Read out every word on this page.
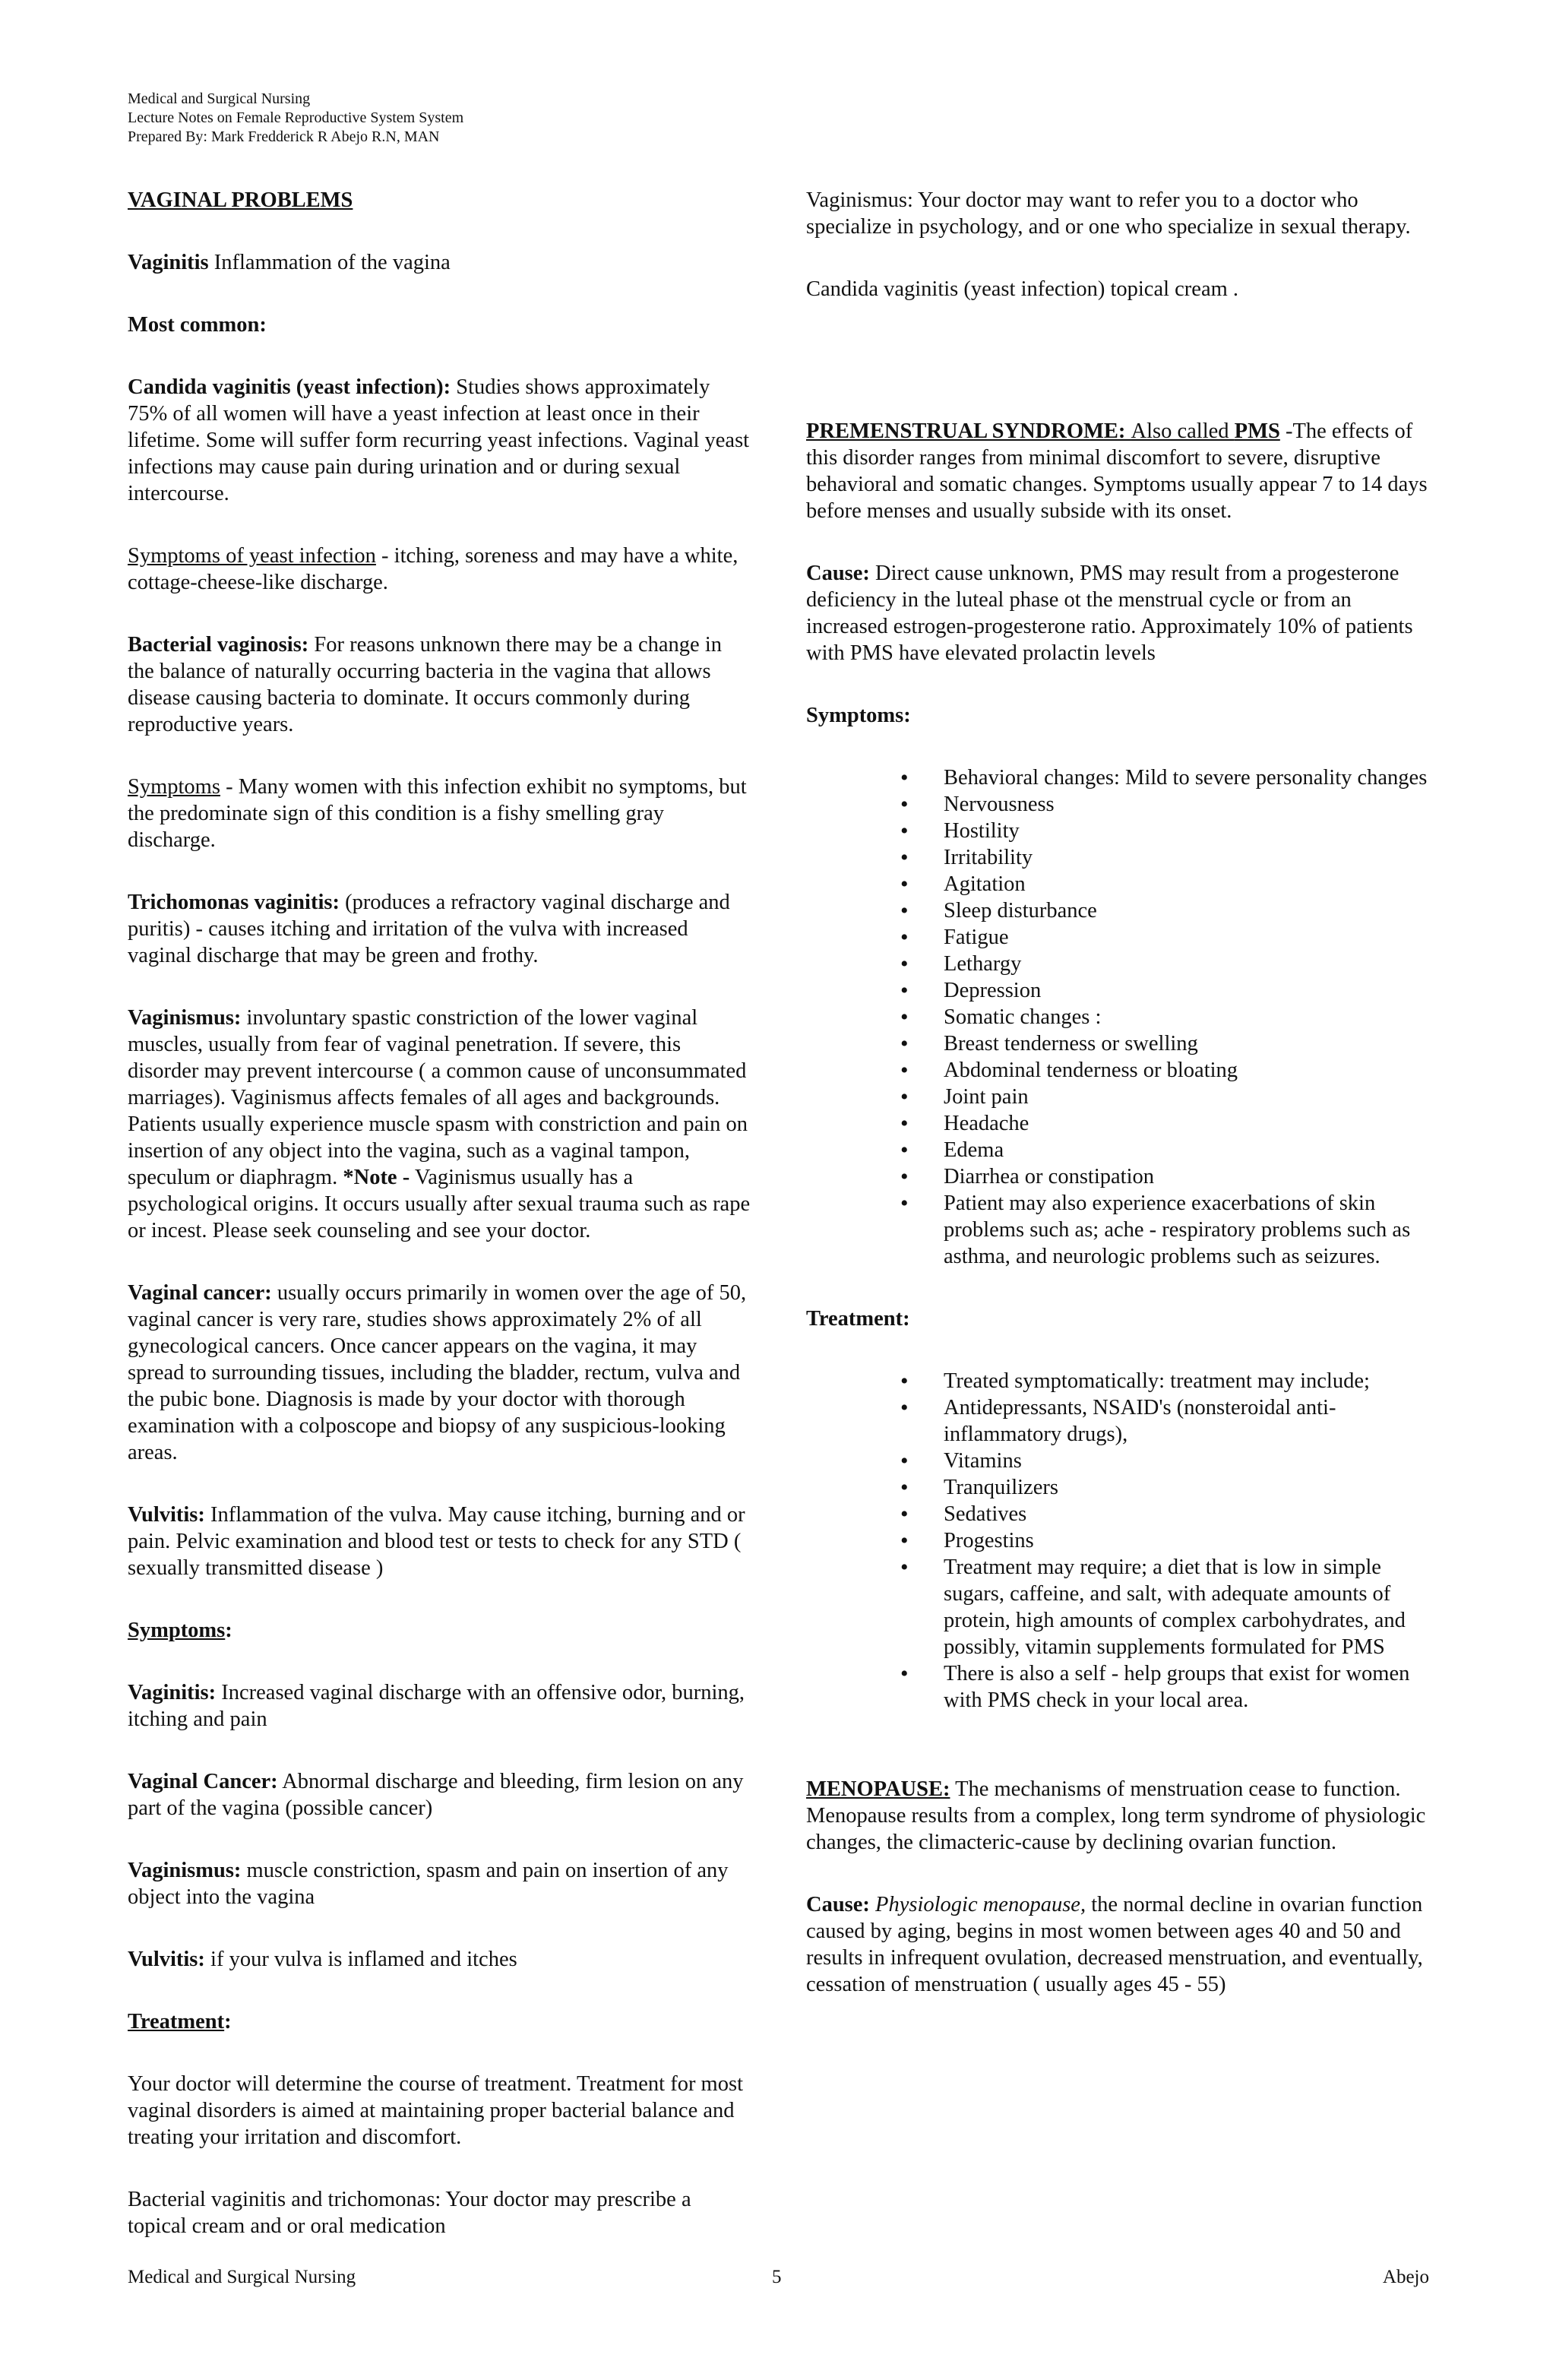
Medical and Surgical Nursing
Lecture Notes on Female Reproductive System System
Prepared By: Mark Fredderick R Abejo R.N, MAN

VAGINAL PROBLEMS

Vaginitis Inflammation of the vagina

Most common:

Candida vaginitis (yeast infection): Studies shows approximately 75% of all women will have a yeast infection at least once in their lifetime. Some will suffer form recurring yeast infections. Vaginal yeast infections may cause pain during urination and or during sexual intercourse.

Symptoms of yeast infection - itching, soreness and may have a white, cottage-cheese-like discharge.

Bacterial vaginosis: For reasons unknown there may be a change in the balance of naturally occurring bacteria in the vagina that allows disease causing bacteria to dominate. It occurs commonly during reproductive years.

Symptoms - Many women with this infection exhibit no symptoms, but the predominate sign of this condition is a fishy smelling gray discharge.

Trichomonas vaginitis: (produces a refractory vaginal discharge and puritis) - causes itching and irritation of the vulva with increased vaginal discharge that may be green and frothy.

Vaginismus: involuntary spastic constriction of the lower vaginal muscles, usually from fear of vaginal penetration. If severe, this disorder may prevent intercourse ( a common cause of unconsummated marriages). Vaginismus affects females of all ages and backgrounds. Patients usually experience muscle spasm with constriction and pain on insertion of any object into the vagina, such as a vaginal tampon, speculum or diaphragm. *Note - Vaginismus usually has a psychological origins. It occurs usually after sexual trauma such as rape or incest. Please seek counseling and see your doctor.

Vaginal cancer: usually occurs primarily in women over the age of 50, vaginal cancer is very rare, studies shows approximately 2% of all gynecological cancers. Once cancer appears on the vagina, it may spread to surrounding tissues, including the bladder, rectum, vulva and the pubic bone. Diagnosis is made by your doctor with thorough examination with a colposcope and biopsy of any suspicious-looking areas.

Vulvitis: Inflammation of the vulva. May cause itching, burning and or pain. Pelvic examination and blood test or tests to check for any STD ( sexually transmitted disease )

Symptoms:

Vaginitis: Increased vaginal discharge with an offensive odor, burning, itching and pain

Vaginal Cancer: Abnormal discharge and bleeding, firm lesion on any part of the vagina (possible cancer)

Vaginismus: muscle constriction, spasm and pain on insertion of any object into the vagina

Vulvitis: if your vulva is inflamed and itches

Treatment:

Your doctor will determine the course of treatment. Treatment for most vaginal disorders is aimed at maintaining proper bacterial balance and treating your irritation and discomfort.

Bacterial vaginitis and trichomonas: Your doctor may prescribe a topical cream and or oral medication

Vaginismus: Your doctor may want to refer you to a doctor who specialize in psychology, and or one who specialize in sexual therapy.

Candida vaginitis (yeast infection) topical cream .

PREMENSTRUAL SYNDROME: Also called PMS -The effects of this disorder ranges from minimal discomfort to severe, disruptive behavioral and somatic changes. Symptoms usually appear 7 to 14 days before menses and usually subside with its onset.

Cause: Direct cause unknown, PMS may result from a progesterone deficiency in the luteal phase ot the menstrual cycle or from an increased estrogen-progesterone ratio. Approximately 10% of patients with PMS have elevated prolactin levels

Symptoms:

• Behavioral changes: Mild to severe personality changes
• Nervousness
• Hostility
• Irritability
• Agitation
• Sleep disturbance
• Fatigue
• Lethargy
• Depression
• Somatic changes :
• Breast tenderness or swelling
• Abdominal tenderness or bloating
• Joint pain
• Headache
• Edema
• Diarrhea or constipation
• Patient may also experience exacerbations of skin problems such as; ache - respiratory problems such as asthma, and neurologic problems such as seizures.

Treatment:

• Treated symptomatically: treatment may include;
• Antidepressants, NSAID's (nonsteroidal anti-inflammatory drugs),
• Vitamins
• Tranquilizers
• Sedatives
• Progestins
• Treatment may require; a diet that is low in simple sugars, caffeine, and salt, with adequate amounts of protein, high amounts of complex carbohydrates, and possibly, vitamin supplements formulated for PMS
• There is also a self - help groups that exist for women with PMS check in your local area.

MENOPAUSE: The mechanisms of menstruation cease to function. Menopause results from a complex, long term syndrome of physiologic changes, the climacteric-cause by declining ovarian function.

Cause: Physiologic menopause, the normal decline in ovarian function caused by aging, begins in most women between ages 40 and 50 and results in infrequent ovulation, decreased menstruation, and eventually, cessation of menstruation ( usually ages 45 - 55)

Medical and Surgical Nursing	5	Abejo
